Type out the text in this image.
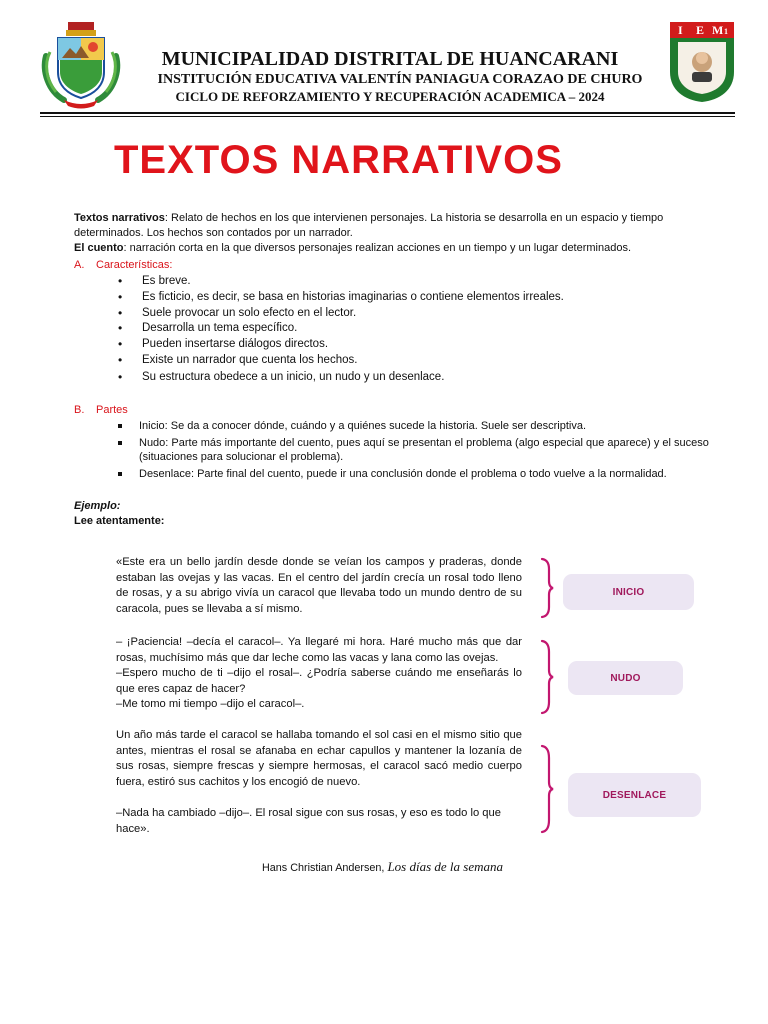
MUNICIPALIDAD DISTRITAL DE HUANCARANI
INSTITUCIÓN EDUCATIVA VALENTÍN PANIAGUA CORAZAO DE CHURO
CICLO DE REFORZAMIENTO Y RECUPERACIÓN ACADEMICA – 2024
I E M 1
TEXTOS NARRATIVOS
Textos narrativos: Relato de hechos en los que intervienen personajes. La historia se desarrolla en un espacio y tiempo determinados. Los hechos son contados por un narrador.
El cuento: narración corta en la que diversos personajes realizan acciones en un tiempo y un lugar determinados.
A. Características:
• Es breve.
• Es ficticio, es decir, se basa en historias imaginarias o contiene elementos irreales.
• Suele provocar un solo efecto en el lector.
• Desarrolla un tema específico.
• Pueden insertarse diálogos directos.
• Existe un narrador que cuenta los hechos.
• Su estructura obedece a un inicio, un nudo y un desenlace.
B. Partes
Inicio: Se da a conocer dónde, cuándo y a quiénes sucede la historia. Suele ser descriptiva.
Nudo: Parte más importante del cuento, pues aquí se presentan el problema (algo especial que aparece) y el suceso (situaciones para solucionar el problema).
Desenlace: Parte final del cuento, puede ir una conclusión donde el problema o todo vuelve a la normalidad.
Ejemplo:
Lee atentamente:

«Este era un bello jardín desde donde se veían los campos y praderas, donde estaban las ovejas y las vacas. En el centro del jardín crecía un rosal todo lleno de rosas, y a su abrigo vivía un caracol que llevaba todo un mundo dentro de su caracola, pues se llevaba a sí mismo.

INICIO

– ¡Paciencia! –decía el caracol–. Ya llegaré mi hora. Haré mucho más que dar rosas, muchísimo más que dar leche como las vacas y lana como las ovejas.

–Espero mucho de ti –dijo el rosal–. ¿Podría saberse cuándo me enseñarás lo que eres capaz de hacer?

–Me tomo mi tiempo –dijo el caracol–.

NUDO

Un año más tarde el caracol se hallaba tomando el sol casi en el mismo sitio que antes, mientras el rosal se afanaba en echar capullos y mantener la lozanía de sus rosas, siempre frescas y siempre hermosas, el caracol sacó medio cuerpo fuera, estiró sus cachitos y los encogió de nuevo.

–Nada ha cambiado –dijo–. El rosal sigue con sus rosas, y eso es todo lo que hace».

DESENLACE
Hans Christian Andersen, Los días de la semana
